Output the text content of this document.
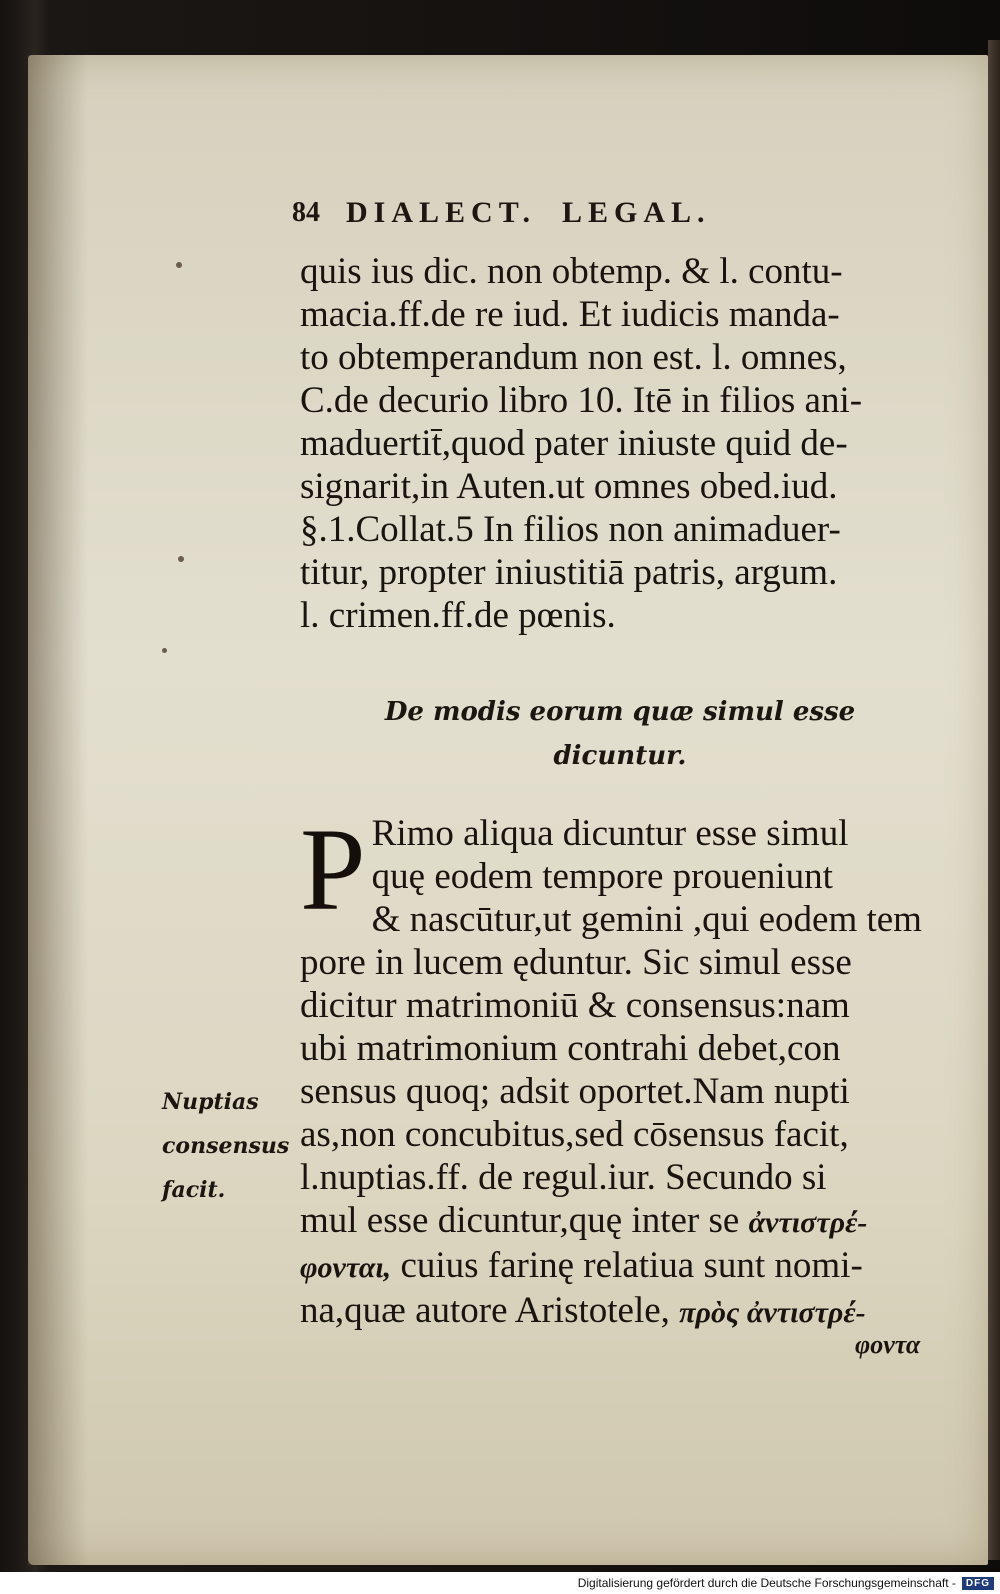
84 DIALECT. LEGAL.
quis ius dic. non obtemp. & l. contu-
macia.ff.de re iud. Et iudicis manda-
to obtemperandum non est. l. omnes,
C.de decurio libro 10. Itē in filios ani-
maduertit̄,quod pater iniuste quid de-
signarit,in Auten.ut omnes obed.iud.
§.1.Collat.5 In filios non animaduer-
titur, propter iniustitiā patris, argum.
l. crimen.ff.de pœnis.
De modis eorum quæ simul esse
dicuntur.
P Rimo aliqua dicuntur esse simul
quę eodem tempore proueniunt
& nascūtur,ut gemini ,qui eodem tem
pore in lucem ęduntur. Sic simul esse
dicitur matrimoniū & consensus:nam
ubi matrimonium contrahi debet,con
sensus quoq; adsit oportet.Nam nupti
as,non concubitus,sed cōsensus facit,
l.nuptias.ff. de regul.iur. Secundo si
mul esse dicuntur,quę inter se ἀντιστρέ-
φονται, cuius farinę relatiua sunt nomi-
na,quæ autore Aristotele, πρὸς ἀντιστρέ-
φοντα
Nuptias
consensus
facit.
Digitalisierung gefördert durch die Deutsche Forschungsgemeinschaft -	DFG
